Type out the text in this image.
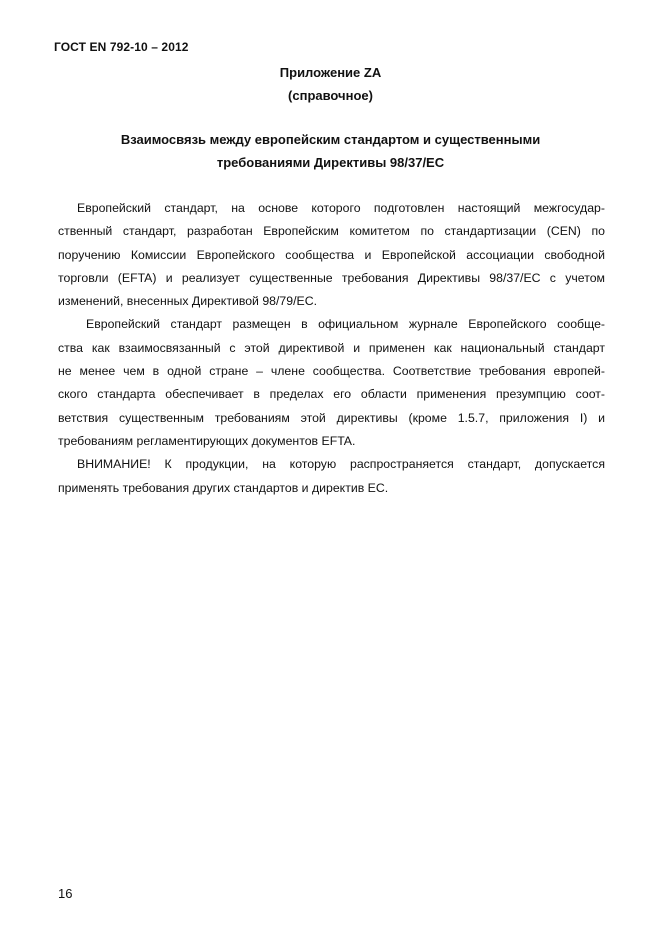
ГОСТ EN 792-10 – 2012
Приложение ZA
(справочное)
Взаимосвязь между европейским стандартом и существенными
требованиями Директивы 98/37/ЕС
Европейский стандарт, на основе которого подготовлен настоящий межгосудар-
ственный стандарт, разработан Европейским комитетом по стандартизации (CEN) по
поручению Комиссии Европейского сообщества и Европейской ассоциации свободной
торговли (EFTA) и реализует существенные требования Директивы 98/37/ЕС с учетом
изменений, внесенных Директивой 98/79/ЕС.
Европейский стандарт размещен в официальном журнале Европейского сообще-
ства как взаимосвязанный с этой директивой и применен как национальный стандарт
не менее чем в одной стране – члене сообщества. Соответствие требования европей-
ского стандарта обеспечивает в пределах его области применения презумпцию соот-
ветствия существенным требованиям этой директивы (кроме 1.5.7, приложения I) и
требованиям регламентирующих документов EFTA.
ВНИМАНИЕ! К продукции, на которую распространяется стандарт, допускается
применять требования других стандартов и директив ЕС.
16
